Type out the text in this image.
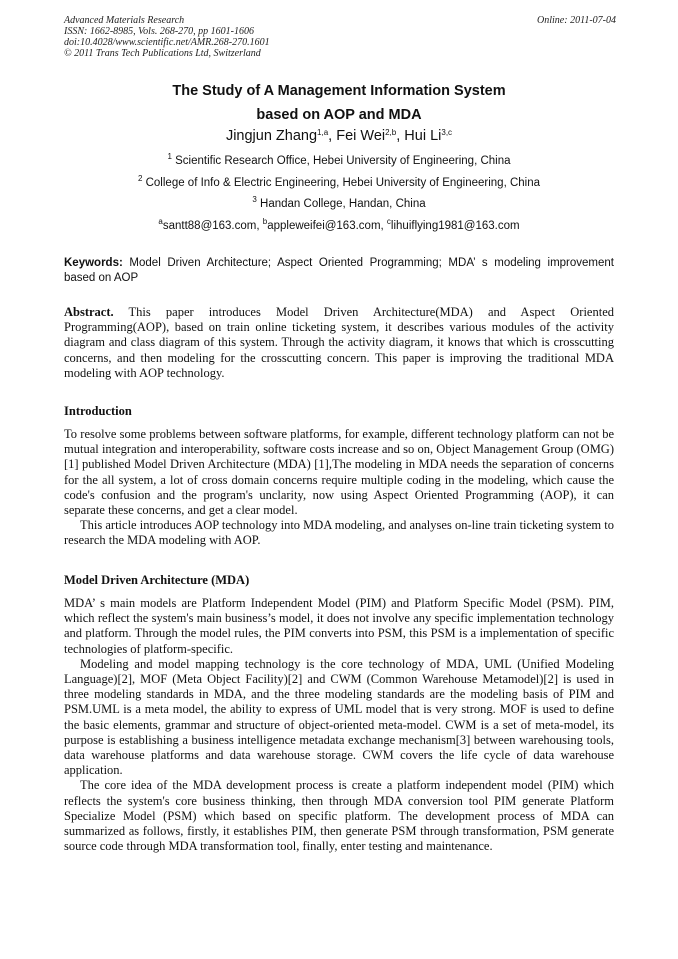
Advanced Materials Research
ISSN: 1662-8985, Vols. 268-270, pp 1601-1606
doi:10.4028/www.scientific.net/AMR.268-270.1601
© 2011 Trans Tech Publications Ltd, Switzerland
Online: 2011-07-04
The Study of A Management Information System
based on AOP and MDA
Jingjun Zhang$^{1,a}$, Fei Wei$^{2,b}$, Hui Li$^{3,c}$
$^1$ Scientific Research Office, Hebei University of Engineering, China
$^2$ College of Info & Electric Engineering, Hebei University of Engineering, China
$^3$ Handan College, Handan, China
$^a$santt88@163.com, $^b$appleweifei@163.com, $^c$lihuiflying1981@163.com
Keywords: Model Driven Architecture; Aspect Oriented Programming; MDA’ s modeling improvement based on AOP
Abstract. This paper introduces Model Driven Architecture(MDA) and Aspect Oriented Programming(AOP), based on train online ticketing system, it describes various modules of the activity diagram and class diagram of this system. Through the activity diagram, it knows that which is crosscutting concerns, and then modeling for the crosscutting concern. This paper is improving the traditional MDA modeling with AOP technology.
Introduction

To resolve some problems between software platforms, for example, different technology platform can not be mutual integration and interoperability, software costs increase and so on, Object Management Group (OMG)[1] published Model Driven Architecture (MDA) [1],The modeling in MDA needs the separation of concerns for the all system, a lot of cross domain concerns require multiple coding in the modeling, which cause the code's confusion and the program's unclarity, now using Aspect Oriented Programming (AOP), it can separate these concerns, and get a clear model.

This article introduces AOP technology into MDA modeling, and analyses on-line train ticketing system to research the MDA modeling with AOP.

Model Driven Architecture (MDA)

MDA’ s main models are Platform Independent Model (PIM) and Platform Specific Model (PSM). PIM, which reflect the system's main business’s model, it does not involve any specific implementation technology and platform. Through the model rules, the PIM converts into PSM, this PSM is a implementation of specific technologies of platform-specific.

Modeling and model mapping technology is the core technology of MDA, UML (Unified Modeling Language)[2], MOF (Meta Object Facility)[2] and CWM (Common Warehouse Metamodel)[2] is used in three modeling standards in MDA, and the three modeling standards are the modeling basis of PIM and PSM.UML is a meta model, the ability to express of UML model that is very strong. MOF is used to define the basic elements, grammar and structure of object-oriented meta-model. CWM is a set of meta-model, its purpose is establishing a business intelligence metadata exchange mechanism[3] between warehousing tools, data warehouse platforms and data warehouse storage. CWM covers the life cycle of data warehouse application.

The core idea of the MDA development process is create a platform independent model (PIM) which reflects the system's core business thinking, then through MDA conversion tool PIM generate Platform Specialize Model (PSM) which based on specific platform. The development process of MDA can summarized as follows, firstly, it establishes PIM, then generate PSM through transformation, PSM generate source code through MDA transformation tool, finally, enter testing and maintenance.
